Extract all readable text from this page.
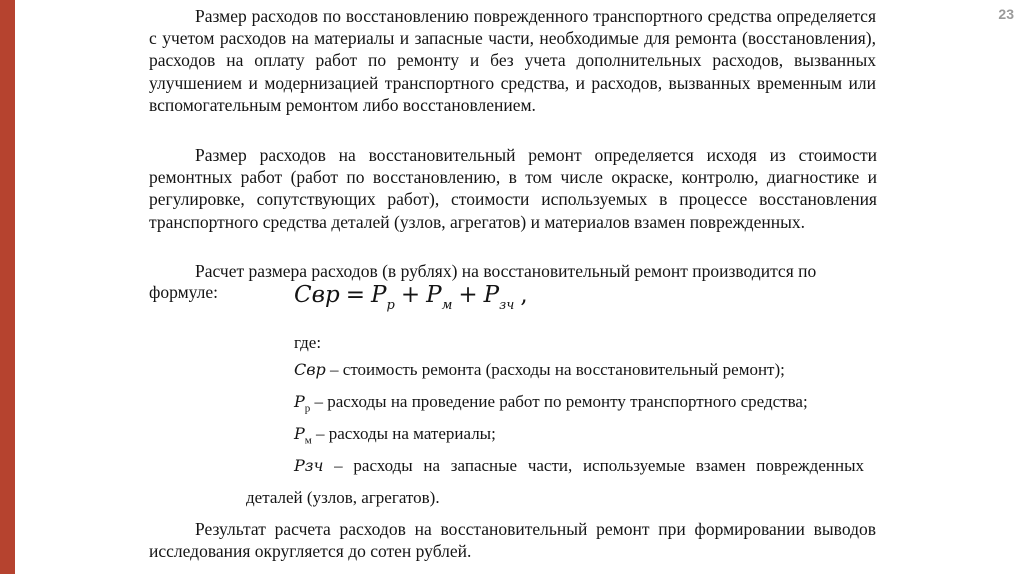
23
Размер расходов по восстановлению поврежденного транспортного средства определяется с учетом расходов на материалы и запасные части, необходимые для ремонта (восстановления), расходов на оплату работ по ремонту и без учета дополнительных расходов, вызванных улучшением и модернизацией транспортного средства, и расходов, вызванных временным или вспомогательным ремонтом либо восстановлением.
Размер расходов на восстановительный ремонт определяется исходя из стоимости ремонтных работ (работ по восстановлению, в том числе окраске, контролю, диагностике и регулировке, сопутствующих работ), стоимости используемых в процессе восстановления транспортного средства деталей (узлов, агрегатов) и материалов взамен поврежденных.
Расчет размера расходов (в рублях) на восстановительный ремонт производится по
формуле:	Свр = $P_р + P_м + P_{зч}$ ,
где:
Свр – стоимость ремонта (расходы на восстановительный ремонт);
$P_р$ – расходы на проведение работ по ремонту транспортного средства;
$P_м$ – расходы на материалы;
Рзч – расходы на запасные части, используемые взамен поврежденных
деталей (узлов, агрегатов).
Результат расчета расходов на восстановительный ремонт при формировании выводов исследования округляется до сотен рублей.
